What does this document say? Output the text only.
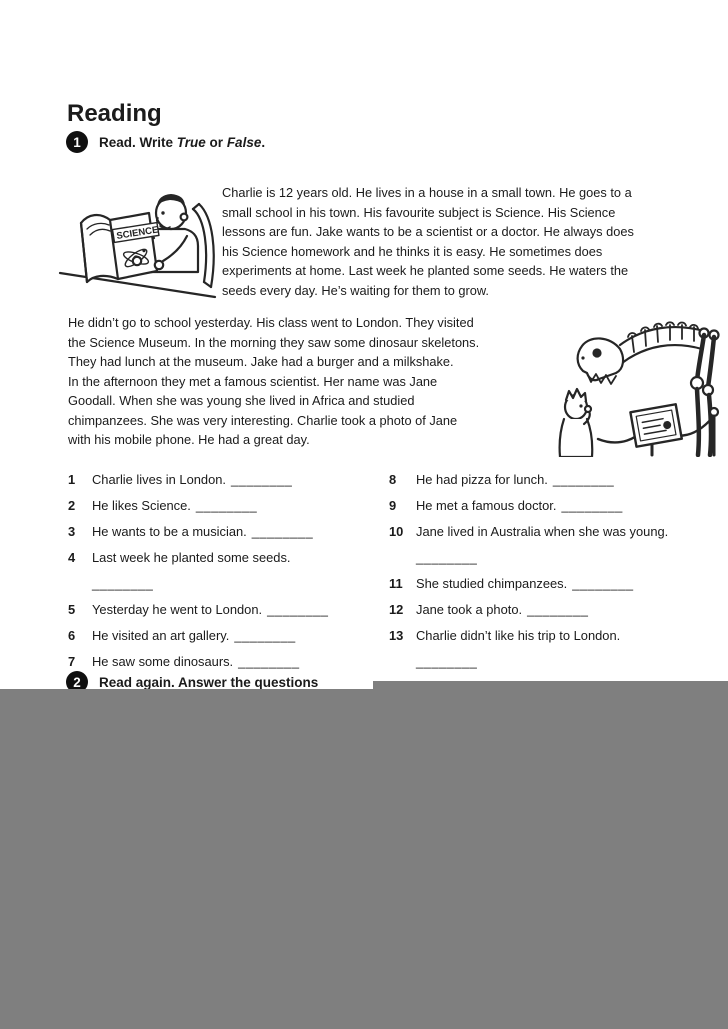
Reading
1	Read. Write True or False.
SCIENCE
Charlie is 12 years old. He lives in a house in a small town. He goes to a
small school in his town. His favourite subject is Science. His Science
lessons are fun. Jake wants to be a scientist or a doctor. He always does
his Science homework and he thinks it is easy. He sometimes does
experiments at home. Last week he planted some seeds. He waters the
seeds every day. He’s waiting for them to grow.
He didn’t go to school yesterday. His class went to London. They visited
the Science Museum. In the morning they saw some dinosaur skeletons.
They had lunch at the museum. Jake had a burger and a milkshake.
In the afternoon they met a famous scientist. Her name was Jane
Goodall. When she was young she lived in Africa and studied
chimpanzees. She was very interesting. Charlie took a photo of Jane
with his mobile phone. He had a great day.
1	Charlie lives in London. ________
2	He likes Science. ________
3	He wants to be a musician. ________
4	Last week he planted some seeds.
________
5	Yesterday he went to London. ________
6	He visited an art gallery. ________
7	He saw some dinosaurs. ________
8	He had pizza for lunch. ________
9	He met a famous doctor. ________
10 Jane lived in Australia when she was young.
________
11	She studied chimpanzees. ________
12 Jane took a photo. ________
13 Charlie didn’t like his trip to London.
________
2	Read again. Answer the questions
